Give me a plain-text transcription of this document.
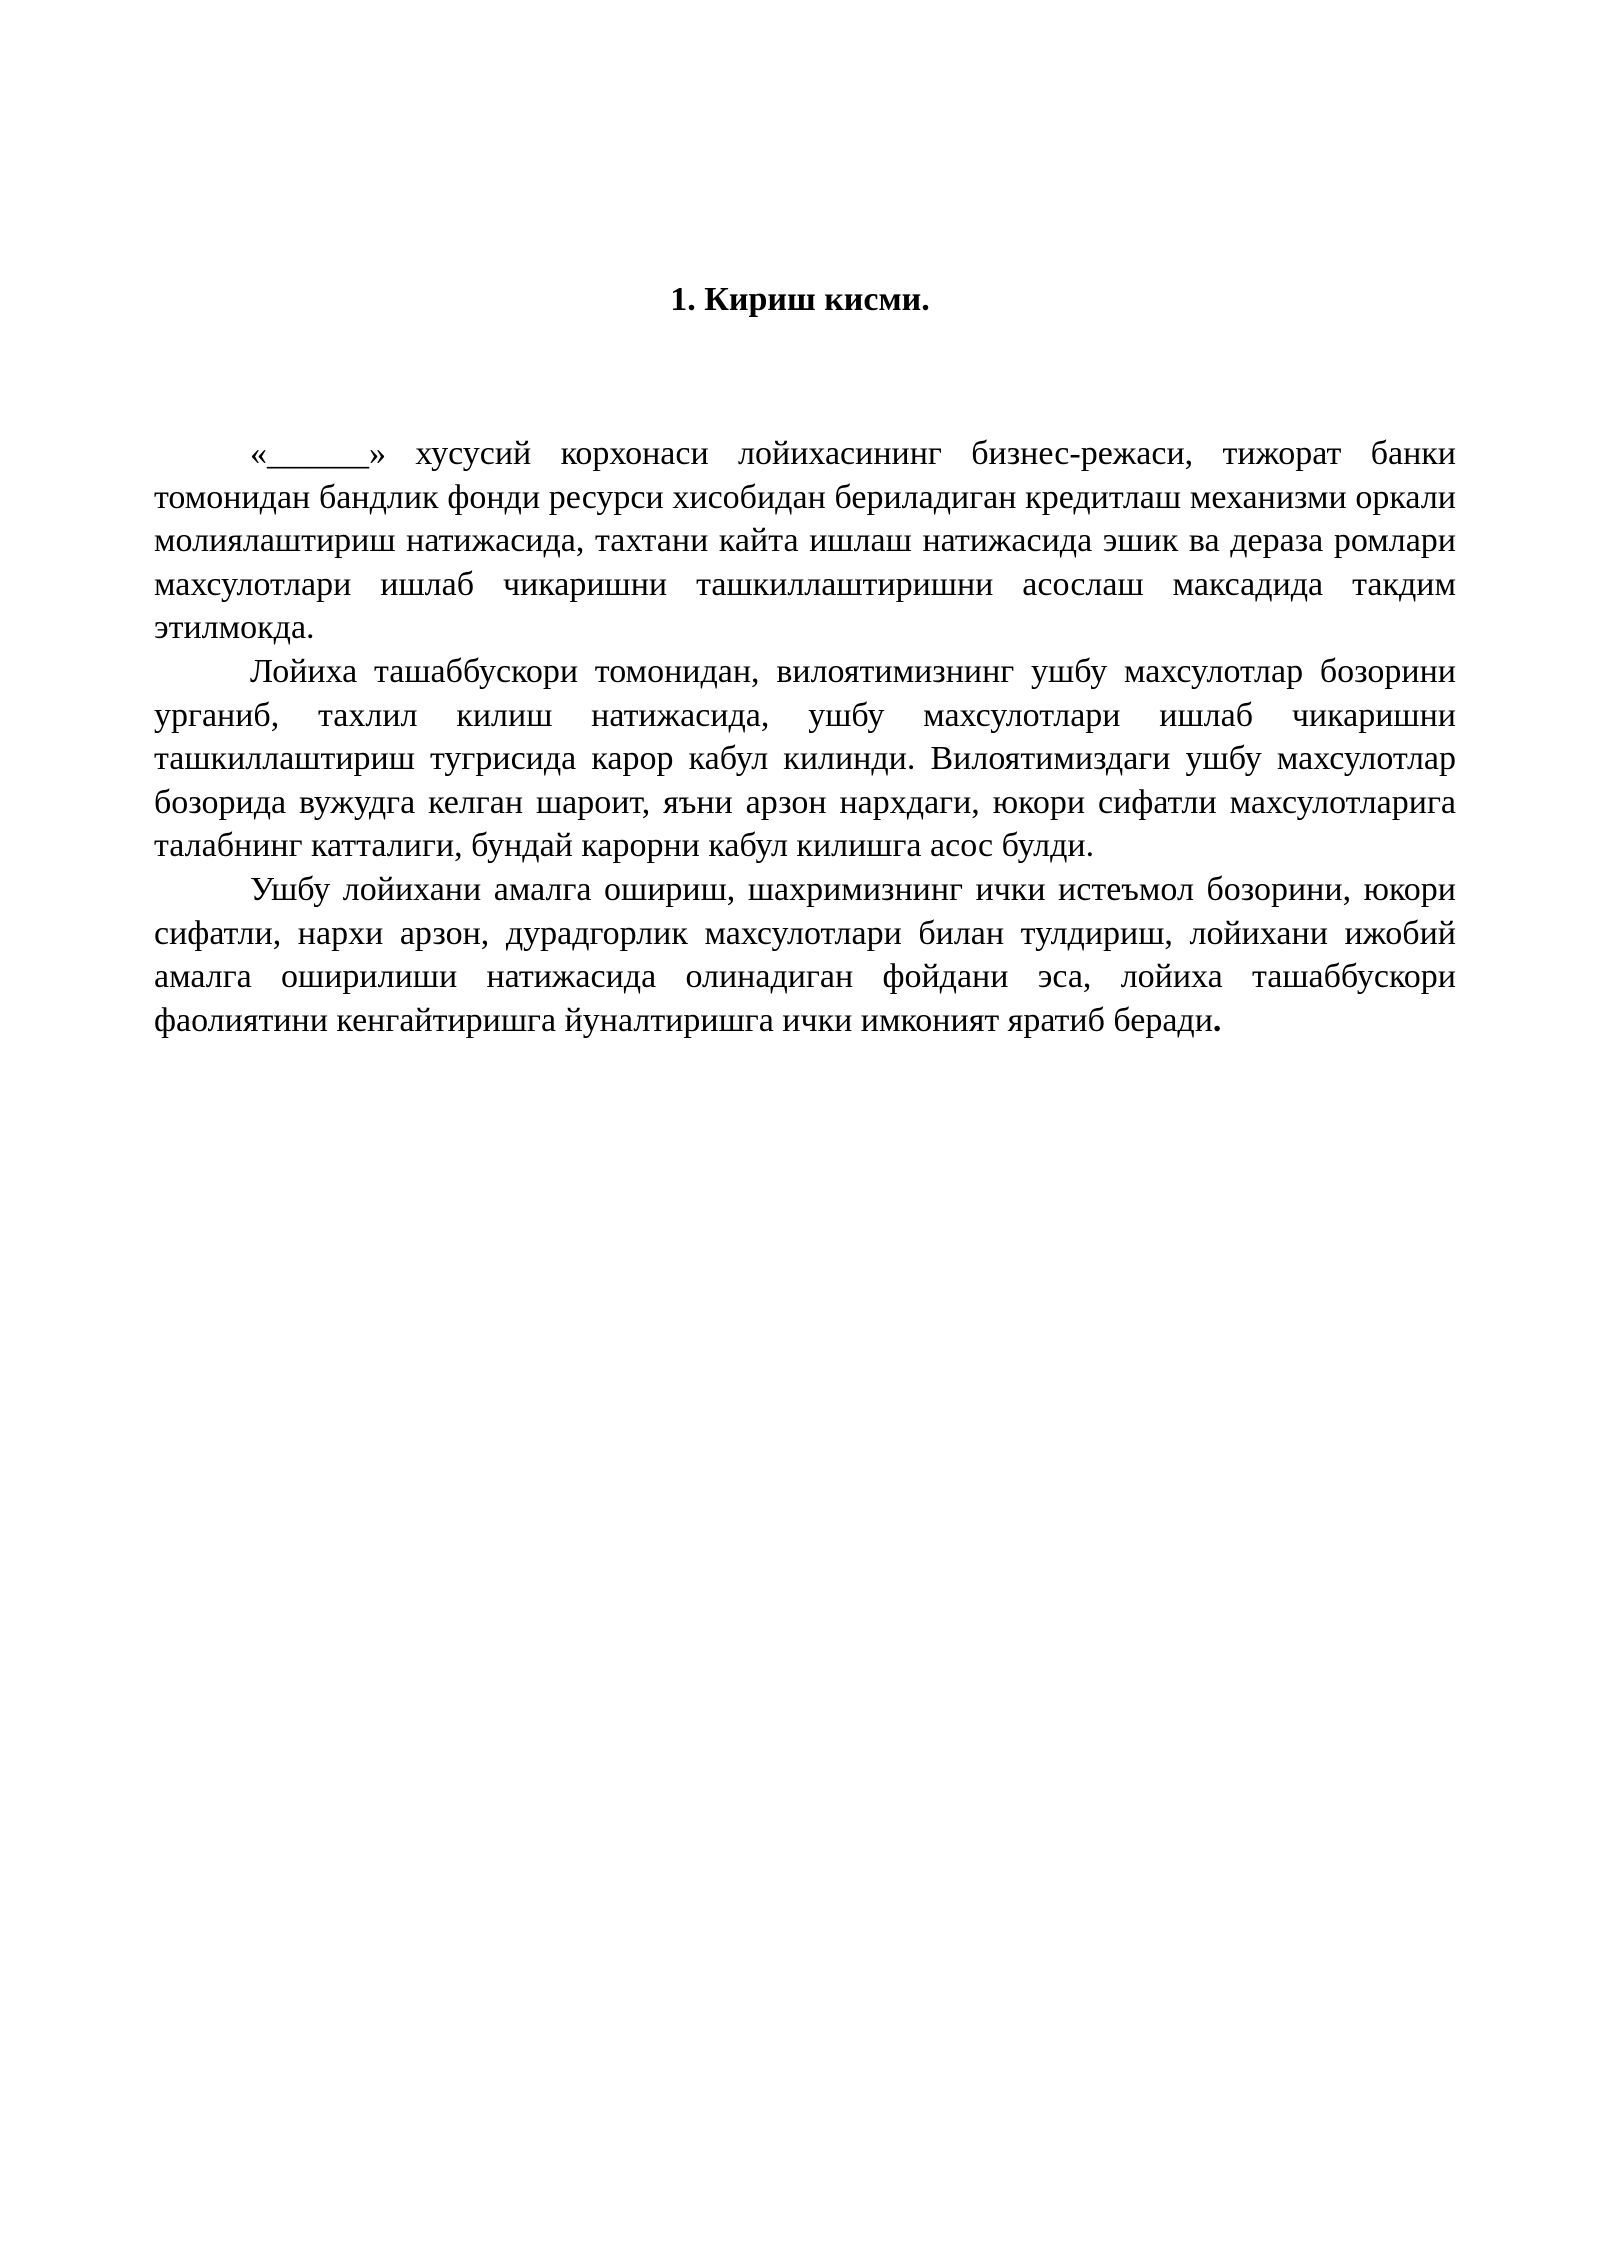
1. Кириш кисми.

«______» хусусий корхонаси лойихасининг бизнес-режаси, тижорат банки томонидан бандлик фонди ресурси хисобидан бериладиган кредитлаш механизми оркали молиялаштириш натижасида, тахтани кайта ишлаш натижасида эшик ва дераза ромлари махсулотлари ишлаб чикаришни ташкиллаштиришни асослаш максадида такдим этилмокда.

Лойиха ташаббускори томонидан, вилоятимизнинг ушбу махсулотлар бозорини урганиб, тахлил килиш натижасида, ушбу махсулотлари ишлаб чикаришни ташкиллаштириш тугрисида карор кабул килинди. Вилоятимиздаги ушбу махсулотлар бозорида вужудга келган шароит, яъни арзон нархдаги, юкори сифатли махсулотларига талабнинг катталиги, бундай карорни кабул килишга асос булди.

Ушбу лойихани амалга ошириш, шахримизнинг ички истеъмол бозорини, юкори сифатли, нархи арзон, дурадгорлик махсулотлари билан тулдириш, лойихани ижобий амалга оширилиши натижасида олинадиган фойдани эса, лойиха ташаббускори фаолиятини кенгайтиришга йуналтиришга ички имконият яратиб беради.
